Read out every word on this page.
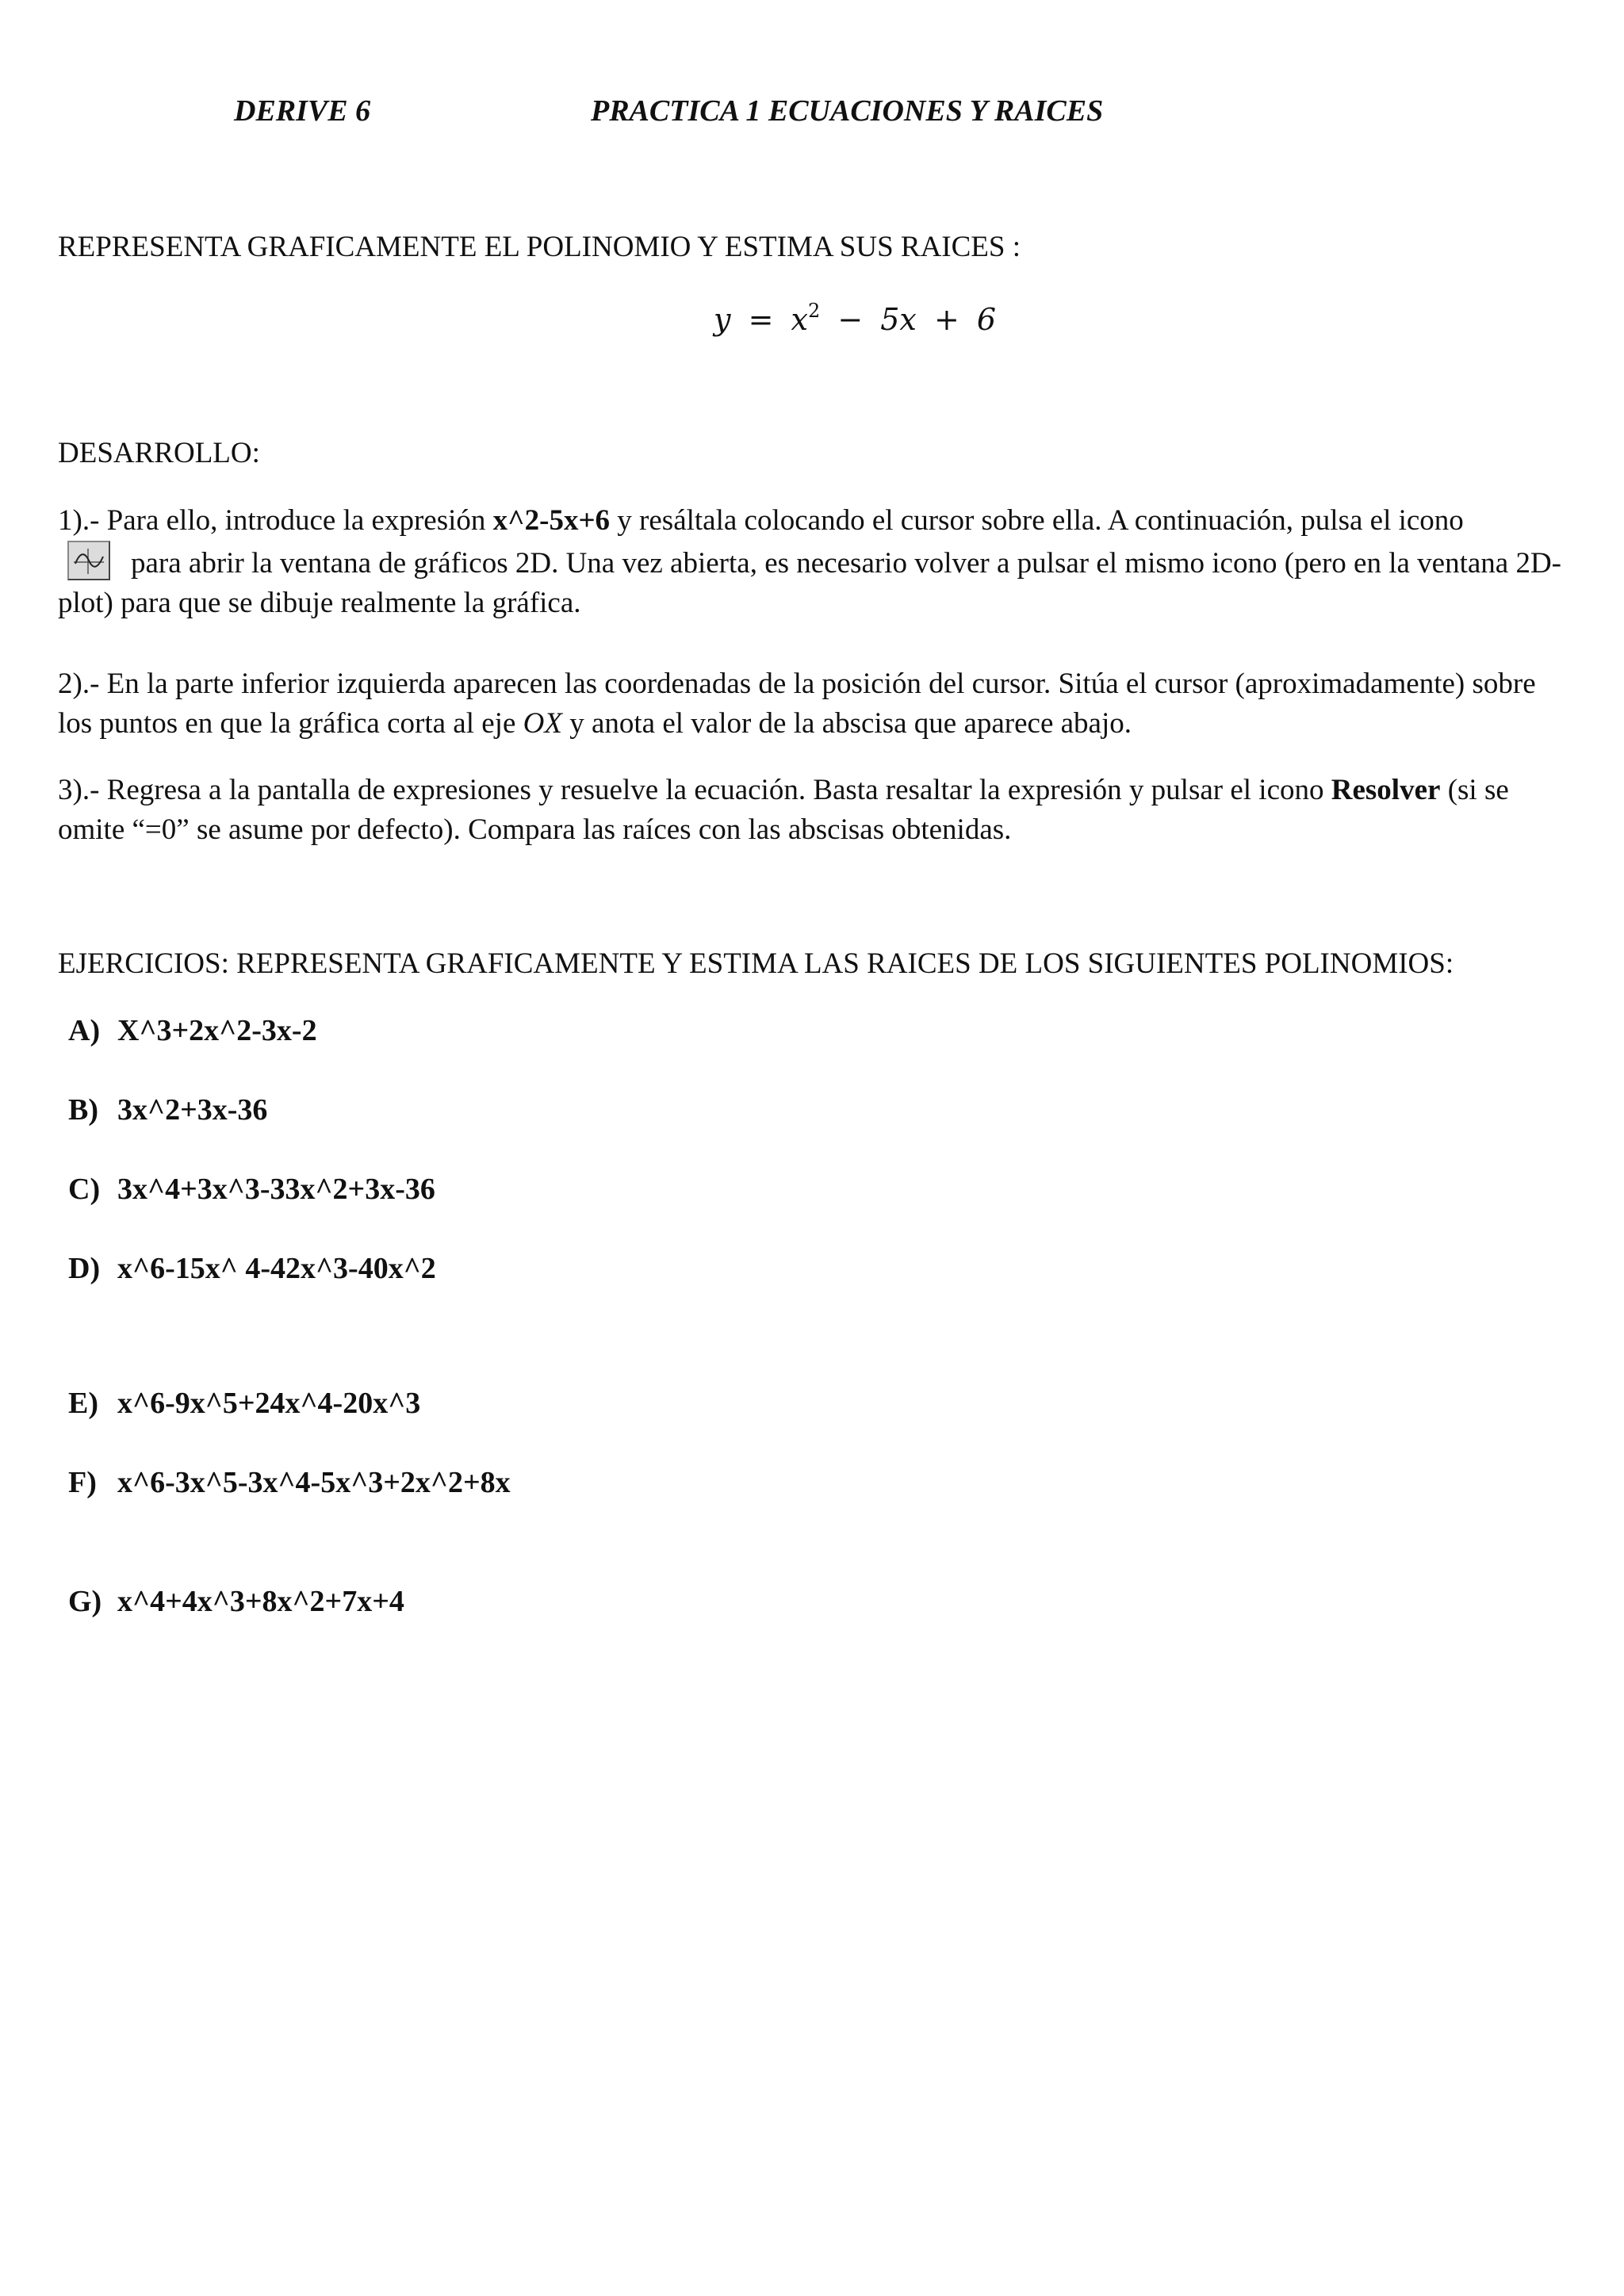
DERIVE 6	PRACTICA 1 ECUACIONES Y RAICES
REPRESENTA GRAFICAMENTE EL POLINOMIO Y ESTIMA SUS RAICES :
$y = x^2 - 5x + 6$
DESARROLLO:
1).- Para ello, introduce la expresión x^2-5x+6 y resáltala colocando el cursor sobre ella. A continuación, pulsa el icono

para abrir la ventana de gráficos 2D. Una vez abierta, es necesario volver a pulsar el mismo icono (pero en la ventana 2D-plot) para que se dibuje realmente la gráfica.
2).- En la parte inferior izquierda aparecen las coordenadas de la posición del cursor. Sitúa el cursor (aproximadamente) sobre los puntos en que la gráfica corta al eje OX y anota el valor de la abscisa que aparece abajo.
3).- Regresa a la pantalla de expresiones y resuelve la ecuación. Basta resaltar la expresión y pulsar el icono Resolver (si se omite “=0” se asume por defecto). Compara las raíces con las abscisas obtenidas.
EJERCICIOS: REPRESENTA GRAFICAMENTE Y ESTIMA LAS RAICES DE LOS SIGUIENTES POLINOMIOS:
A) X^3+2x^2-3x-2
B) 3x^2+3x-36
C) 3x^4+3x^3-33x^2+3x-36
D) x^6-15x^ 4-42x^3-40x^2
E) x^6-9x^5+24x^4-20x^3
F) x^6-3x^5-3x^4-5x^3+2x^2+8x
G) x^4+4x^3+8x^2+7x+4
